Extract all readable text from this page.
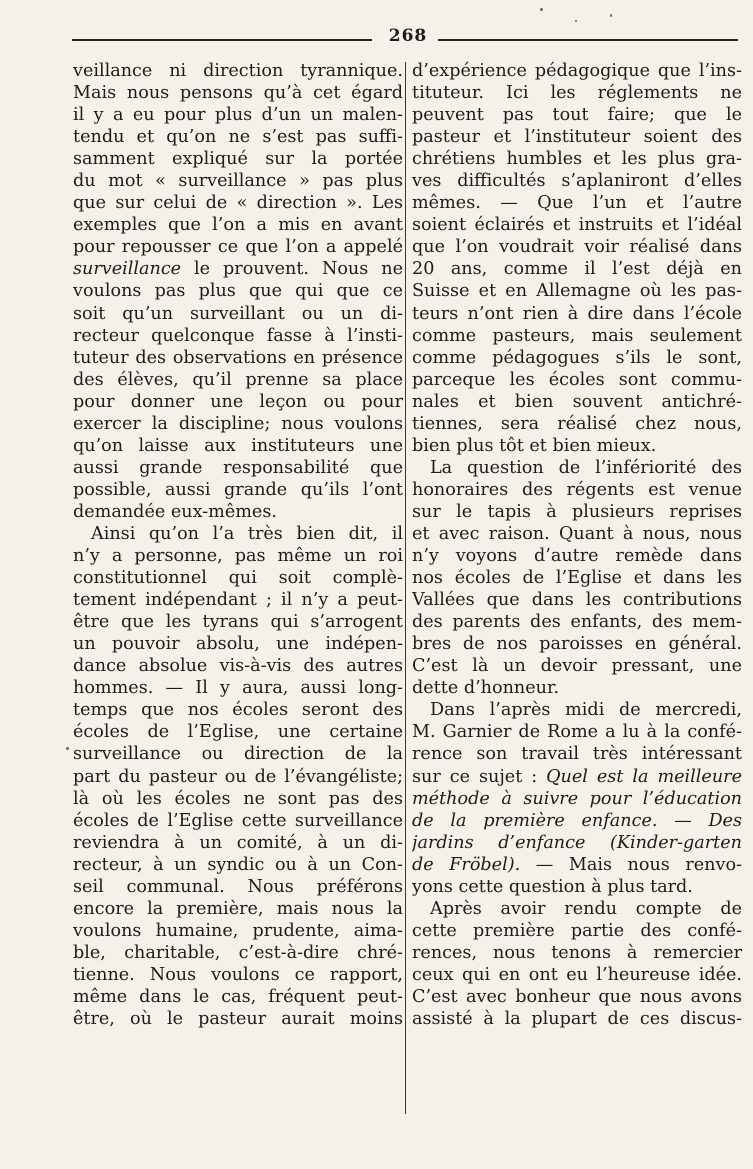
268
veillance ni direction tyrannique.
Mais nous pensons qu’à cet égard
il y a eu pour plus d’un un malen-
tendu et qu’on ne s’est pas suffi-
samment expliqué sur la portée
du mot « surveillance » pas plus
que sur celui de « direction ». Les
exemples que l’on a mis en avant
pour repousser ce que l’on a appelé
surveillance le prouvent. Nous ne
voulons pas plus que qui que ce
soit qu’un surveillant ou un di-
recteur quelconque fasse à l’insti-
tuteur des observations en présence
des élèves, qu’il prenne sa place
pour donner une leçon ou pour
exercer la discipline; nous voulons
qu’on laisse aux instituteurs une
aussi grande responsabilité que
possible, aussi grande qu’ils l’ont
demandée eux-mêmes.
Ainsi qu’on l’a très bien dit, il
n’y a personne, pas même un roi
constitutionnel qui soit complè-
tement indépendant ; il n’y a peut-
être que les tyrans qui s’arrogent
un pouvoir absolu, une indépen-
dance absolue vis-à-vis des autres
hommes. — Il y aura, aussi long-
temps que nos écoles seront des
écoles de l’Eglise, une certaine
surveillance ou direction de la
part du pasteur ou de l’évangéliste;
là où les écoles ne sont pas des
écoles de l’Eglise cette surveillance
reviendra à un comité, à un di-
recteur, à un syndic ou à un Con-
seil communal. Nous préférons
encore la première, mais nous la
voulons humaine, prudente, aima-
ble, charitable, c’est-à-dire chré-
tienne. Nous voulons ce rapport,
même dans le cas, fréquent peut-
être, où le pasteur aurait moins
d’expérience pédagogique que l’ins-
tituteur. Ici les réglements ne
peuvent pas tout faire; que le
pasteur et l’instituteur soient des
chrétiens humbles et les plus gra-
ves difficultés s’aplaniront d’elles
mêmes. — Que l’un et l’autre
soient éclairés et instruits et l’idéal
que l’on voudrait voir réalisé dans
20 ans, comme il l’est déjà en
Suisse et en Allemagne où les pas-
teurs n’ont rien à dire dans l’école
comme pasteurs, mais seulement
comme pédagogues s’ils le sont,
parceque les écoles sont commu-
nales et bien souvent antichré-
tiennes, sera réalisé chez nous,
bien plus tôt et bien mieux.
La question de l’infériorité des
honoraires des régents est venue
sur le tapis à plusieurs reprises
et avec raison. Quant à nous, nous
n’y voyons d’autre remède dans
nos écoles de l’Eglise et dans les
Vallées que dans les contributions
des parents des enfants, des mem-
bres de nos paroisses en général.
C’est là un devoir pressant, une
dette d’honneur.
Dans l’après midi de mercredi,
M. Garnier de Rome a lu à la confé-
rence son travail très intéressant
sur ce sujet : Quel est la meilleure
méthode à suivre pour l’éducation
de la première enfance. — Des
jardins d’enfance (Kinder-garten
de Fröbel). — Mais nous renvo-
yons cette question à plus tard.
Après avoir rendu compte de
cette première partie des confé-
rences, nous tenons à remercier
ceux qui en ont eu l’heureuse idée.
C’est avec bonheur que nous avons
assisté à la plupart de ces discus-
